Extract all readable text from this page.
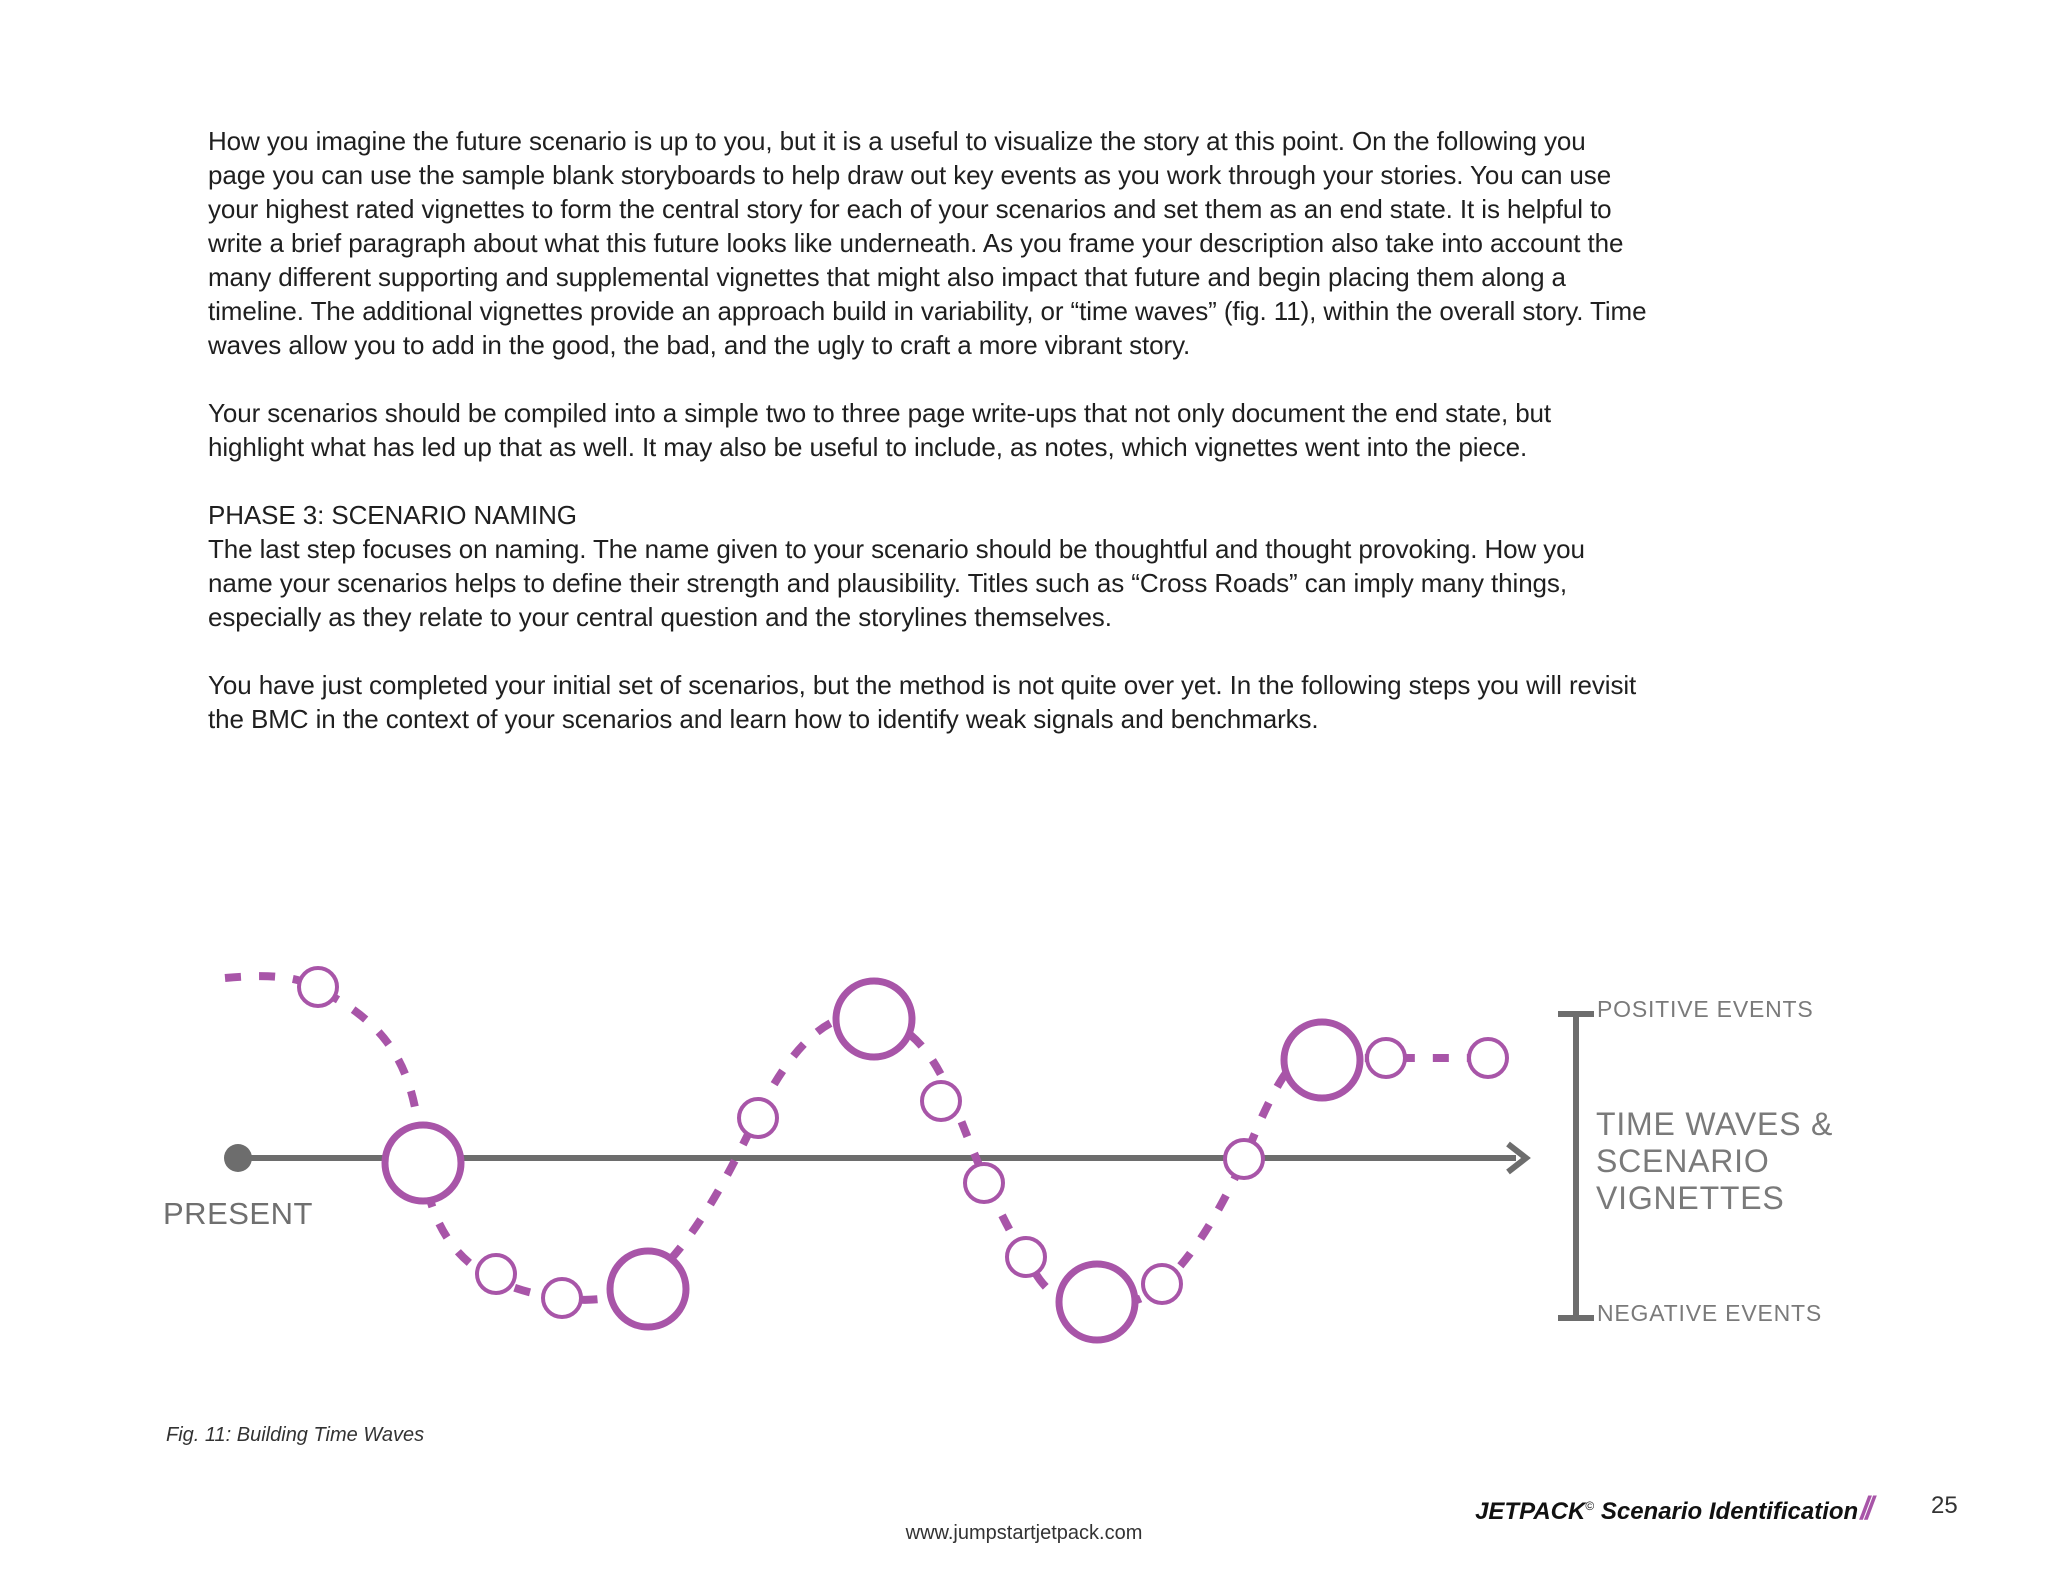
How you imagine the future scenario is up to you, but it is a useful to visualize the story at this point. On the following you page you can use the sample blank storyboards to help draw out key events as you work through your stories. You can use your highest rated vignettes to form the central story for each of your scenarios and set them as an end state. It is helpful to write a brief paragraph about what this future looks like underneath. As you frame your description also take into account the many different supporting and supplemental vignettes that might also impact that future and begin placing them along a timeline. The additional vignettes provide an approach build in variability, or “time waves” (fig. 11), within the overall story. Time waves allow you to add in the good, the bad, and the ugly to craft a more vibrant story.

Your scenarios should be compiled into a simple two to three page write-ups that not only document the end state, but highlight what has led up that as well. It may also be useful to include, as notes, which vignettes went into the piece.

PHASE 3: SCENARIO NAMING
The last step focuses on naming. The name given to your scenario should be thoughtful and thought provoking. How you name your scenarios helps to define their strength and plausibility. Titles such as “Cross Roads” can imply many things, especially as they relate to your central question and the storylines themselves.

You have just completed your initial set of scenarios, but the method is not quite over yet. In the following steps you will revisit the BMC in the context of your scenarios and learn how to identify weak signals and benchmarks.

PRESENT
POSITIVE EVENTS
TIME WAVES &
SCENARIO
VIGNETTES
NEGATIVE EVENTS
Fig. 11: Building Time Waves
JETPACK© Scenario Identification//	25
www.jumpstartjetpack.com
